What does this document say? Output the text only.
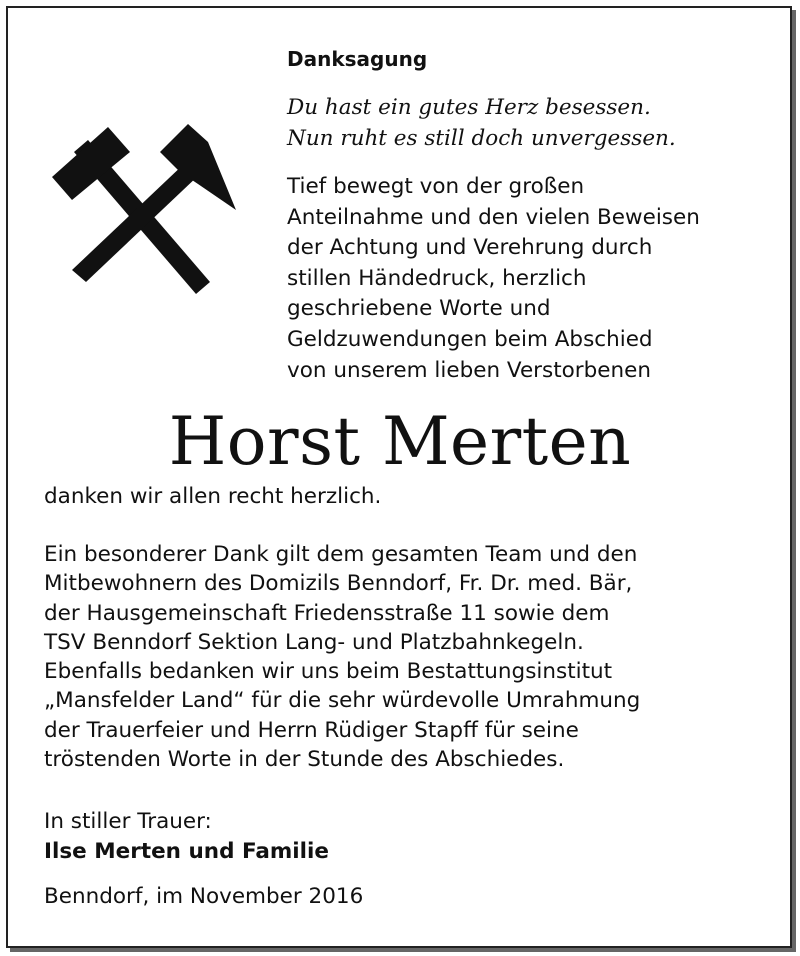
Danksagung
Du hast ein gutes Herz besessen.
Nun ruht es still doch unvergessen.
Tief bewegt von der großen
Anteilnahme und den vielen Beweisen
der Achtung und Verehrung durch
stillen Händedruck, herzlich
geschriebene Worte und
Geldzuwendungen beim Abschied
von unserem lieben Verstorbenen
Horst Merten
danken wir allen recht herzlich.
Ein besonderer Dank gilt dem gesamten Team und den
Mitbewohnern des Domizils Benndorf, Fr. Dr. med. Bär,
der Hausgemeinschaft Friedensstraße 11 sowie dem
TSV Benndorf Sektion Lang- und Platzbahnkegeln.
Ebenfalls bedanken wir uns beim Bestattungsinstitut
„Mansfelder Land“ für die sehr würdevolle Umrahmung
der Trauerfeier und Herrn Rüdiger Stapff für seine
tröstenden Worte in der Stunde des Abschiedes.
In stiller Trauer:
Ilse Merten und Familie
Benndorf, im November 2016
